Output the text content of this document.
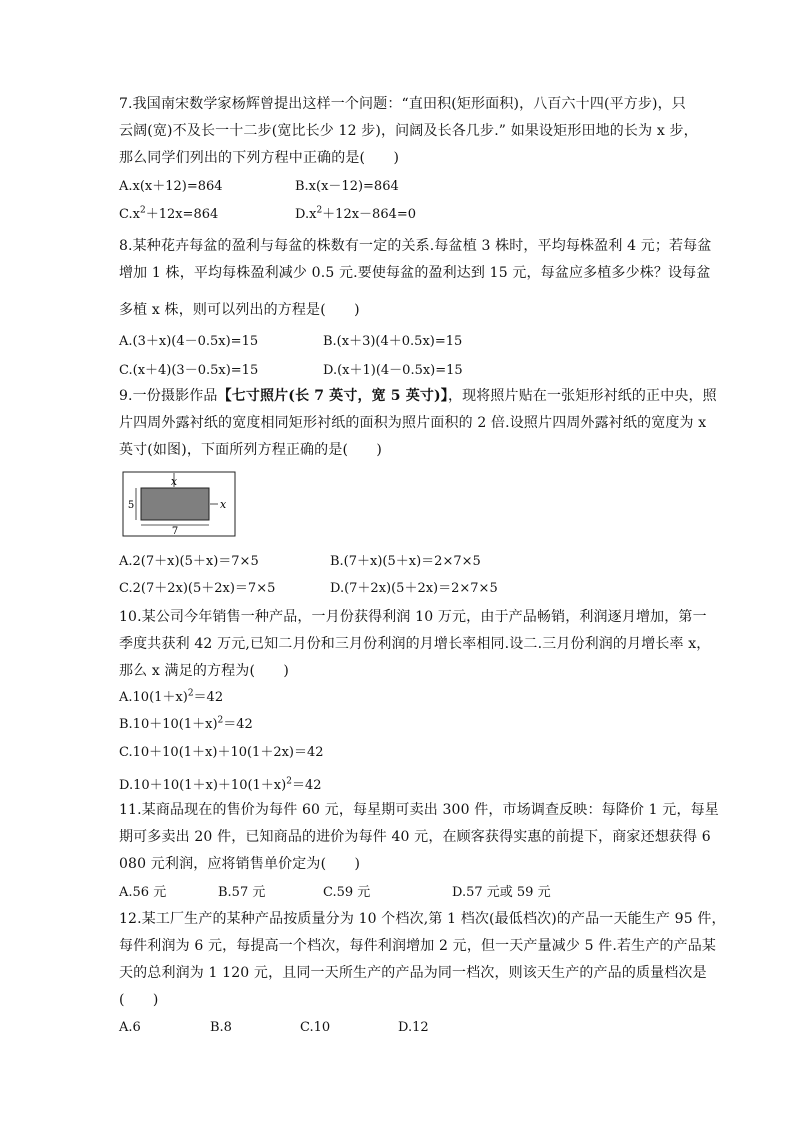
7.我国南宋数学家杨辉曾提出这样一个问题：“直田积(矩形面积)，八百六十四(平方步)，只
云阔(宽)不及长一十二步(宽比长少 12 步)，问阔及长各几步.” 如果设矩形田地的长为 x 步，
那么同学们列出的下列方程中正确的是(　　)
A.x(x＋12)=864	B.x(x－12)=864
$C.x^2+12x=864$	$D.x^2+12x-864=0$
8.某种花卉每盆的盈利与每盆的株数有一定的关系.每盆植 3 株时，平均每株盈利 4 元；若每盆
增加 1 株，平均每株盈利减少 0.5 元.要使每盆的盈利达到 15 元，每盆应多植多少株？设每盆
多植 x 株，则可以列出的方程是(　　)
A.(3＋x)(4－0.5x)=15	B.(x＋3)(4＋0.5x)=15
C.(x＋4)(3－0.5x)=15	D.(x＋1)(4－0.5x)=15
9.一份摄影作品【七寸照片(长 7 英寸，宽 5 英寸)】，现将照片贴在一张矩形衬纸的正中央，照
片四周外露衬纸的宽度相同矩形衬纸的面积为照片面积的 2 倍.设照片四周外露衬纸的宽度为 x
英寸(如图)，下面所列方程正确的是(　　)
x
x
5
7
A.2(7＋x)(5＋x)＝7×5	B.(7＋x)(5＋x)＝2×7×5
C.2(7＋2x)(5＋2x)＝7×5	D.(7＋2x)(5＋2x)＝2×7×5
10.某公司今年销售一种产品，一月份获得利润 10 万元，由于产品畅销，利润逐月增加，第一
季度共获利 42 万元,已知二月份和三月份利润的月增长率相同.设二.三月份利润的月增长率 x，
那么 x 满足的方程为(　　)
$A.10(1+x)^2=42$
$B.10+10(1+x)^2=42$
C.10＋10(1＋x)＋10(1＋2x)＝42
$D.10+10(1+x)+10(1+x)^2=42$
11.某商品现在的售价为每件 60 元，每星期可卖出 300 件，市场调查反映：每降价 1 元，每星
期可多卖出 20 件，已知商品的进价为每件 40 元，在顾客获得实惠的前提下，商家还想获得 6
080 元利润，应将销售单价定为(　　)
A.56 元	B.57 元	C.59 元	D.57 元或 59 元
12.某工厂生产的某种产品按质量分为 10 个档次,第 1 档次(最低档次)的产品一天能生产 95 件，
每件利润为 6 元，每提高一个档次，每件利润增加 2 元，但一天产量减少 5 件.若生产的产品某
天的总利润为 1 120 元，且同一天所生产的产品为同一档次，则该天生产的产品的质量档次是
(　　)
A.6	B.8	C.10	D.12
